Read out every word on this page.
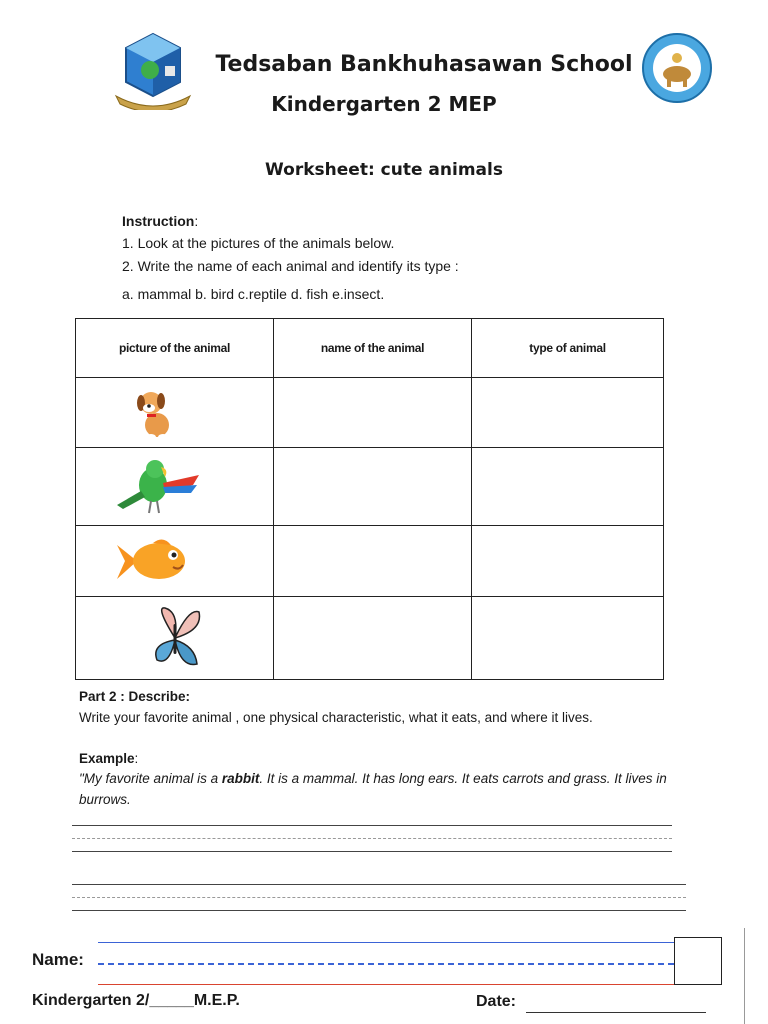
Tedsaban Bankhuhasawan School
Kindergarten 2 MEP
Worksheet: cute animals
Instruction:
1. Look at the pictures of the animals below.
2. Write the name of each animal and identify its type :
a. mammal b. bird c.reptile d. fish e.insect.
picture of the animal	name of the animal	type of animal

Part 2 : Describe:
Write your favorite animal , one physical characteristic, what it eats, and where it lives.
Example:
"My favorite animal is a rabbit. It is a mammal. It has long ears. It eats carrots and grass. It lives in burrows.
Name:
Kindergarten 2/_____M.E.P.	Date:
